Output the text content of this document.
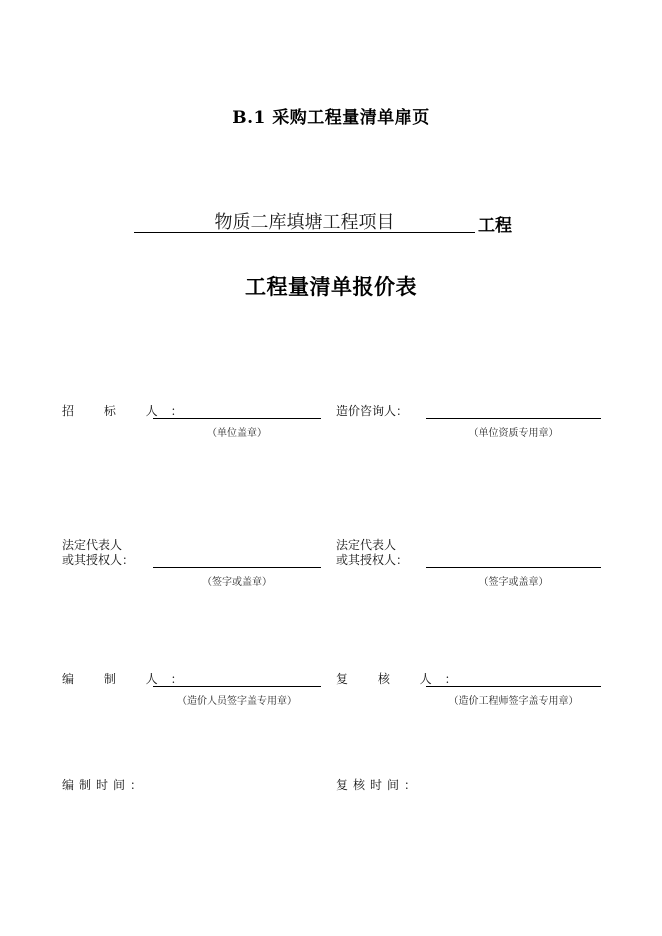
B.1 采购工程量清单扉页
物质二库填塘工程项目	工程
工程量清单报价表
招 标 人：
（单位盖章）
造价咨询人：
（单位资质专用章）
法定代表人
或其授权人：
（签字或盖章）
法定代表人
或其授权人：
（签字或盖章）
编 制 人：
（造价人员签字盖专用章）
复 核 人：
（造价工程师签字盖专用章）
编制时间：	复核时间：
